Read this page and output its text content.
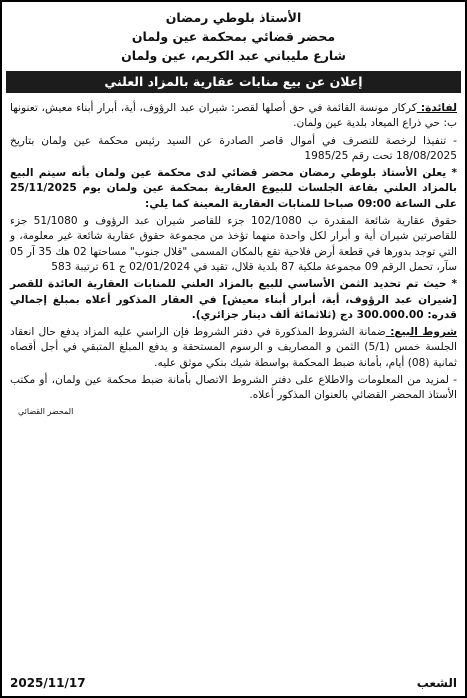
الأستاذ بلوطي رمضان
محضر قضائي بمحكمة عين ولمان
شارع مليباني عبد الكريم، عين ولمان
إعلان عن بيع منابات عقارية بالمزاد العلني

لفائدة: كركار مونسة القائمة في حق أصلها لقصر: شيران عبد الرؤوف، أية، أبرار أبناء معيش، تعنونها ب: حي ذراع الميعاد بلدية عين ولمان.

- تنفيذا لرخصة للتصرف في أموال قاصر الصادرة عن السيد رئيس محكمة عين ولمان بتاريخ 18/08/2025 تحت رقم 1985/25

* يعلن الأستاذ بلوطي رمضان محضر قضائي لدى محكمة عين ولمان بأنه سيتم البيع بالمزاد العلني بقاعة الجلسات للبيوع العقارية بمحكمة عين ولمان يوم 25/11/2025 على الساعة 09:00 صباحا للمنابات العقارية المعينة كما يلي:

حقوق عقارية شائعة المقدرة ب 102/1080 جزء للقاصر شيران عبد الرؤوف و 51/1080 جزء للقاصرتين شيران أية و أبرار لكل واحدة منهما تؤخذ من مجموعة حقوق عقارية شائعة غير معلومة، و التي توجد بدورها في قطعة أرض فلاحية تقع بالمكان المسمى "قلال جنوب" مساحتها 02 هك 35 آر 05 سآر، تحمل الرقم 09 مجموعة ملكية 87 بلدية قلال، تقيد في 02/01/2024 ج 61 ترتيبة 583

* حيث تم تحديد الثمن الأساسي للبيع بالمزاد العلني للمنابات العقارية العائدة للقصر [شيران عبد الرؤوف، أية، أبرار أبناء معيش] في العقار المذكور أعلاه بمبلغ إجمالي قدره: 300.000.00 دج (ثلاثمائة ألف دينار جزائري).

شروط البيع: ضمانة الشروط المذكورة في دفتر الشروط فإن الراسي عليه المزاد يدفع حال انعقاد الجلسة خمس (5/1) الثمن و المصاريف و الرسوم المستحقة و يدفع المبلغ المتبقي في أجل أقصاه ثمانية (08) أيام، بأمانة ضبط المحكمة بواسطة شيك بنكي موثق عليه.

- لمزيد من المعلومات والاطلاع على دفتر الشروط الاتصال بأمانة ضبط محكمة عين ولمان، أو مكتب الأستاذ المحضر القضائي بالعنوان المذكور أعلاه.

المحضر القضائي
الشعب
2025/11/17
